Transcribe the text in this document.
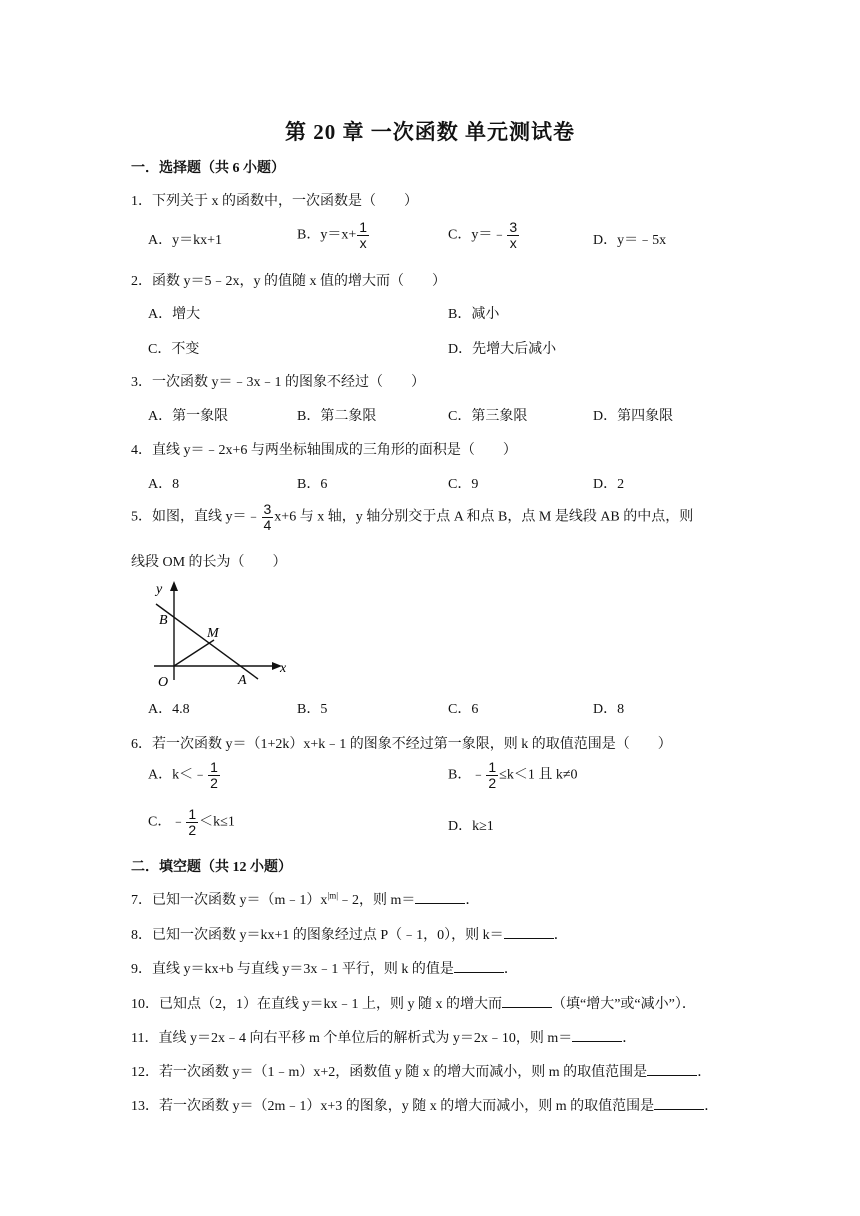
第 20 章 一次函数 单元测试卷
一．选择题（共 6 小题）
1．下列关于 x 的函数中，一次函数是（　　）
A．y＝kx+1	B．$y=x+ \frac{1}{x}$	C．y＝﹣ $\frac{3}{x}$	D．y＝﹣5x
2．函数 y＝5﹣2x，y 的值随 x 值的增大而（　　）
A．增大	B．减小
C．不变	D．先增大后减小
3．一次函数 y＝﹣3x﹣1 的图象不经过（　　）
A．第一象限	B．第二象限	C．第三象限	D．第四象限
4．直线 y＝﹣2x+6 与两坐标轴围成的三角形的面积是（　　）
A．8	B．6	C．9	D．2
5．如图，直线 y＝﹣ $\frac{3}{4} x+6$ 与 x 轴，y 轴分别交于点 A 和点 B，点 M 是线段 AB 的中点，则
线段 OM 的长为（　　）
y
x
B
M
O	A
A．4.8	B．5	C．6	D．8
6．若一次函数 y＝（1+2k）x+k﹣1 的图象不经过第一象限，则 k 的取值范围是（　　）
A．k＜﹣ $\frac{1}{2}$	B．﹣ $\frac{1}{2} \le k<1$ 且 k≠0
C．﹣ $\frac{1}{2} <k\le 1$	D．k≥1
二．填空题（共 12 小题）
7．已知一次函数 $y=(m﹣1)x^{|m|}﹣2$，则 m＝	．
8．已知一次函数 y＝kx+1 的图象经过点 P（﹣1，0），则 k＝	．
9．直线 y＝kx+b 与直线 y＝3x﹣1 平行，则 k 的值是	．
10．已知点（2，1）在直线 y＝kx﹣1 上，则 y 随 x 的增大而	（填“增大”或“减小”）．
11．直线 y＝2x﹣4 向右平移 m 个单位后的解析式为 y＝2x﹣10，则 m＝	．
12．若一次函数 y＝（1﹣m）x+2，函数值 y 随 x 的增大而减小，则 m 的取值范围是	．
13．若一次函数 y＝（2m﹣1）x+3 的图象，y 随 x 的增大而减小，则 m 的取值范围是	．
